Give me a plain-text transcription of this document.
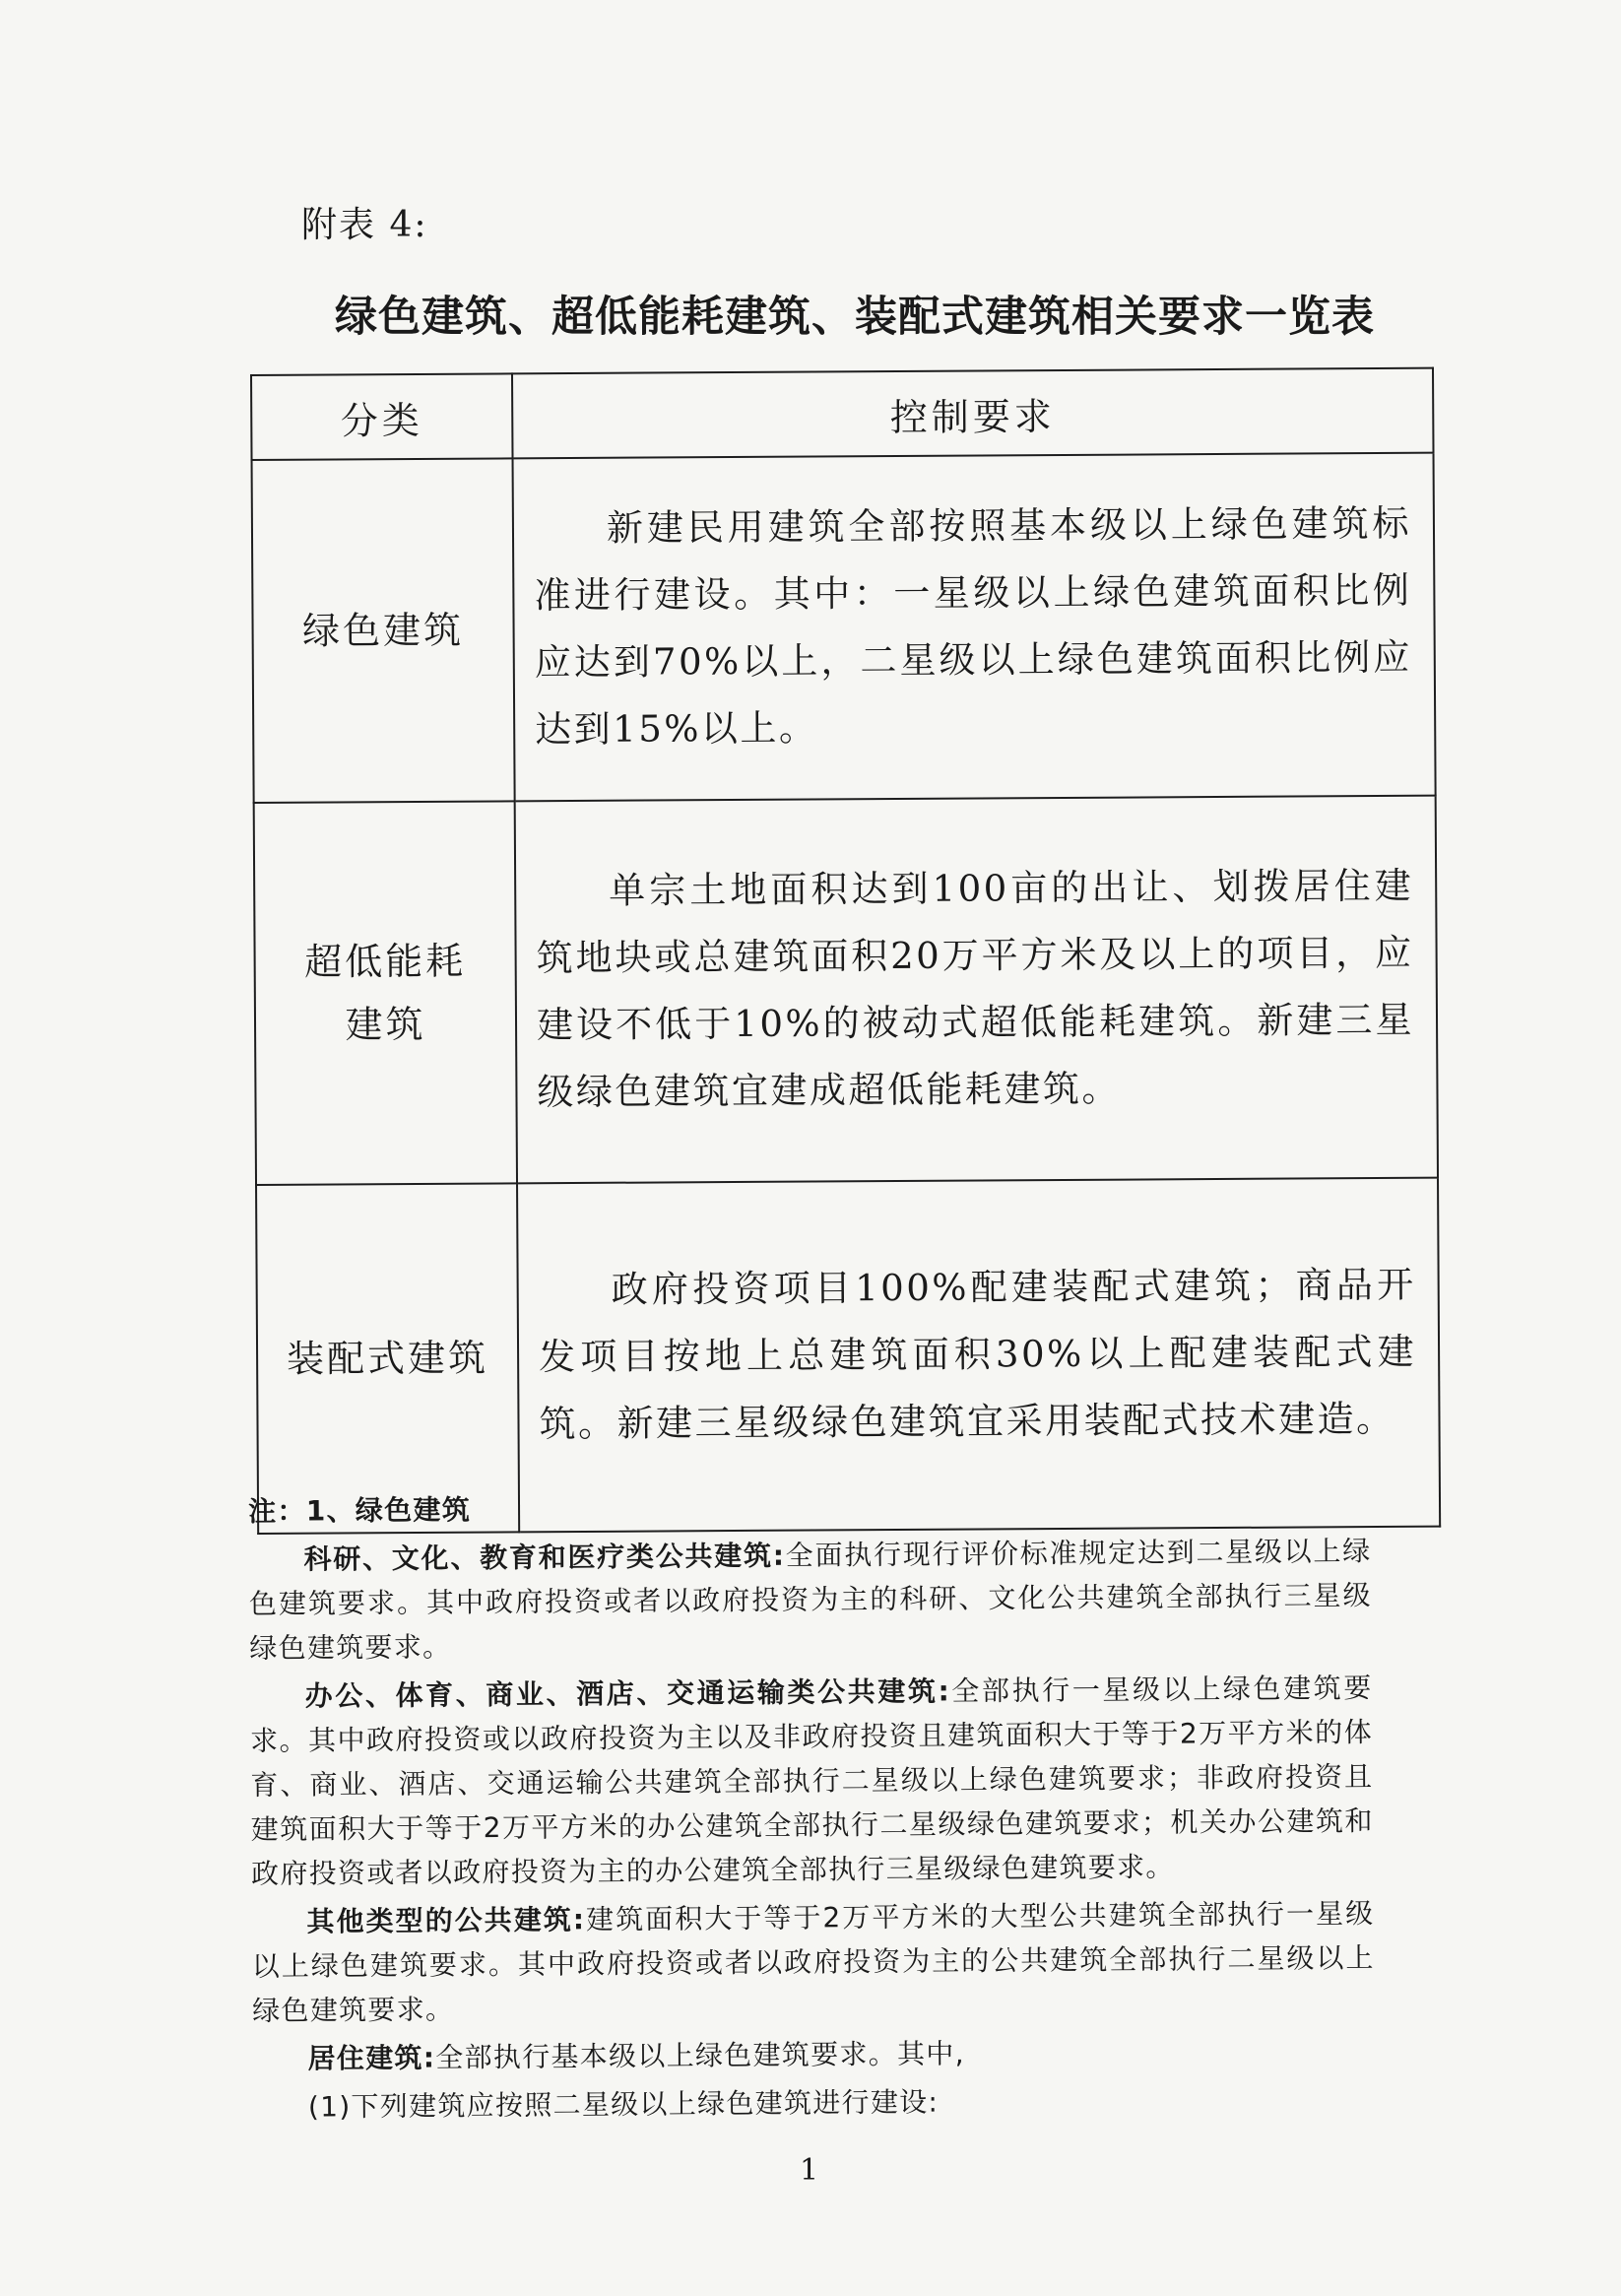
附表 4:
绿色建筑、超低能耗建筑、装配式建筑相关要求一览表
分类	控制要求

绿色建筑	新建民用建筑全部按照基本级以上绿色建筑标准进行建设。其中：一星级以上绿色建筑面积比例应达到70%以上，二星级以上绿色建筑面积比例应达到15%以上。

超低能耗
建筑	单宗土地面积达到100亩的出让、划拨居住建筑地块或总建筑面积20万平方米及以上的项目，应建设不低于10%的被动式超低能耗建筑。新建三星级绿色建筑宜建成超低能耗建筑。

装配式建筑	政府投资项目100%配建装配式建筑；商品开发项目按地上总建筑面积30%以上配建装配式建筑。新建三星级绿色建筑宜采用装配式技术建造。

注：1、绿色建筑

科研、文化、教育和医疗类公共建筑:全面执行现行评价标准规定达到二星级以上绿色建筑要求。其中政府投资或者以政府投资为主的科研、文化公共建筑全部执行三星级绿色建筑要求。

办公、体育、商业、酒店、交通运输类公共建筑:全部执行一星级以上绿色建筑要求。其中政府投资或以政府投资为主以及非政府投资且建筑面积大于等于2万平方米的体育、商业、酒店、交通运输公共建筑全部执行二星级以上绿色建筑要求；非政府投资且建筑面积大于等于2万平方米的办公建筑全部执行二星级绿色建筑要求；机关办公建筑和政府投资或者以政府投资为主的办公建筑全部执行三星级绿色建筑要求。

其他类型的公共建筑:建筑面积大于等于2万平方米的大型公共建筑全部执行一星级以上绿色建筑要求。其中政府投资或者以政府投资为主的公共建筑全部执行二星级以上绿色建筑要求。

居住建筑:全部执行基本级以上绿色建筑要求。其中,

(1)下列建筑应按照二星级以上绿色建筑进行建设:

1
